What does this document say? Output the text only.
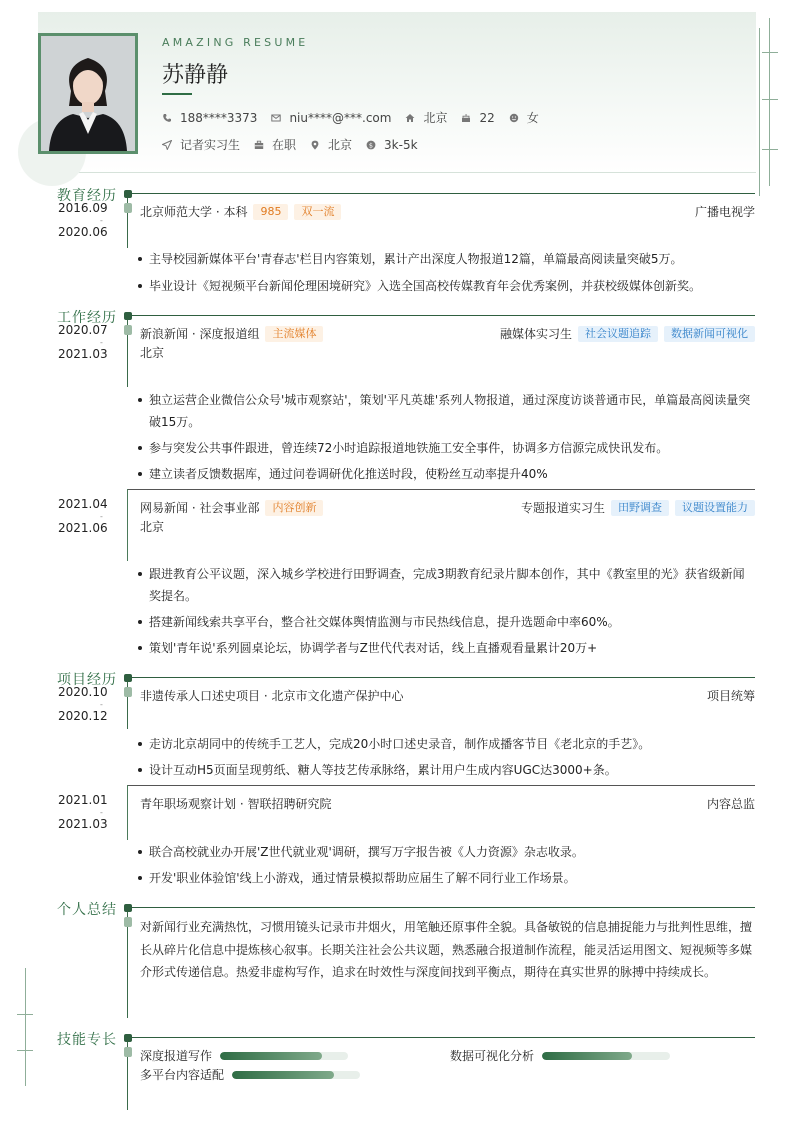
AMAZING RESUME
苏静静
188****3373	niu****@***.com	北京	22	女
记者实习生	在职	北京	$ 3k-5k
教育经历
2016.09
-
2020.06
北京师范大学 · 本科	985	双一流	广播电视学
主导校园新媒体平台'青春志'栏目内容策划，累计产出深度人物报道12篇，单篇最高阅读量突破5万。
毕业设计《短视频平台新闻伦理困境研究》入选全国高校传媒教育年会优秀案例，并获校级媒体创新奖。
工作经历
2020.07
-
2021.03
新浪新闻 · 深度报道组	主流媒体	融媒体实习生	社会议题追踪	数据新闻可视化
北京
独立运营企业微信公众号'城市观察站'，策划'平凡英雄'系列人物报道，通过深度访谈普通市民，单篇最高阅读量突破15万。
参与突发公共事件跟进，曾连续72小时追踪报道地铁施工安全事件，协调多方信源完成快讯发布。
建立读者反馈数据库，通过问卷调研优化推送时段，使粉丝互动率提升40%
2021.04
-
2021.06
网易新闻 · 社会事业部	内容创新	专题报道实习生	田野调查	议题设置能力
北京
跟进教育公平议题，深入城乡学校进行田野调查，完成3期教育纪录片脚本创作，其中《教室里的光》获省级新闻奖提名。
搭建新闻线索共享平台，整合社交媒体舆情监测与市民热线信息，提升选题命中率60%。
策划'青年说'系列圆桌论坛，协调学者与Z世代代表对话，线上直播观看量累计20万+
项目经历
2020.10
-
2020.12
非遗传承人口述史项目 · 北京市文化遗产保护中心	项目统筹
走访北京胡同中的传统手工艺人，完成20小时口述史录音，制作成播客节目《老北京的手艺》。
设计互动H5页面呈现剪纸、糖人等技艺传承脉络，累计用户生成内容UGC达3000+条。
2021.01
-
2021.03
青年职场观察计划 · 智联招聘研究院	内容总监
联合高校就业办开展'Z世代就业观'调研，撰写万字报告被《人力资源》杂志收录。
开发'职业体验馆'线上小游戏，通过情景模拟帮助应届生了解不同行业工作场景。
个人总结
对新闻行业充满热忱，习惯用镜头记录市井烟火，用笔触还原事件全貌。具备敏锐的信息捕捉能力与批判性思维，擅长从碎片化信息中提炼核心叙事。长期关注社会公共议题，熟悉融合报道制作流程，能灵活运用图文、短视频等多媒介形式传递信息。热爱非虚构写作，追求在时效性与深度间找到平衡点，期待在真实世界的脉搏中持续成长。
技能专长
深度报道写作	数据可视化分析
多平台内容适配
